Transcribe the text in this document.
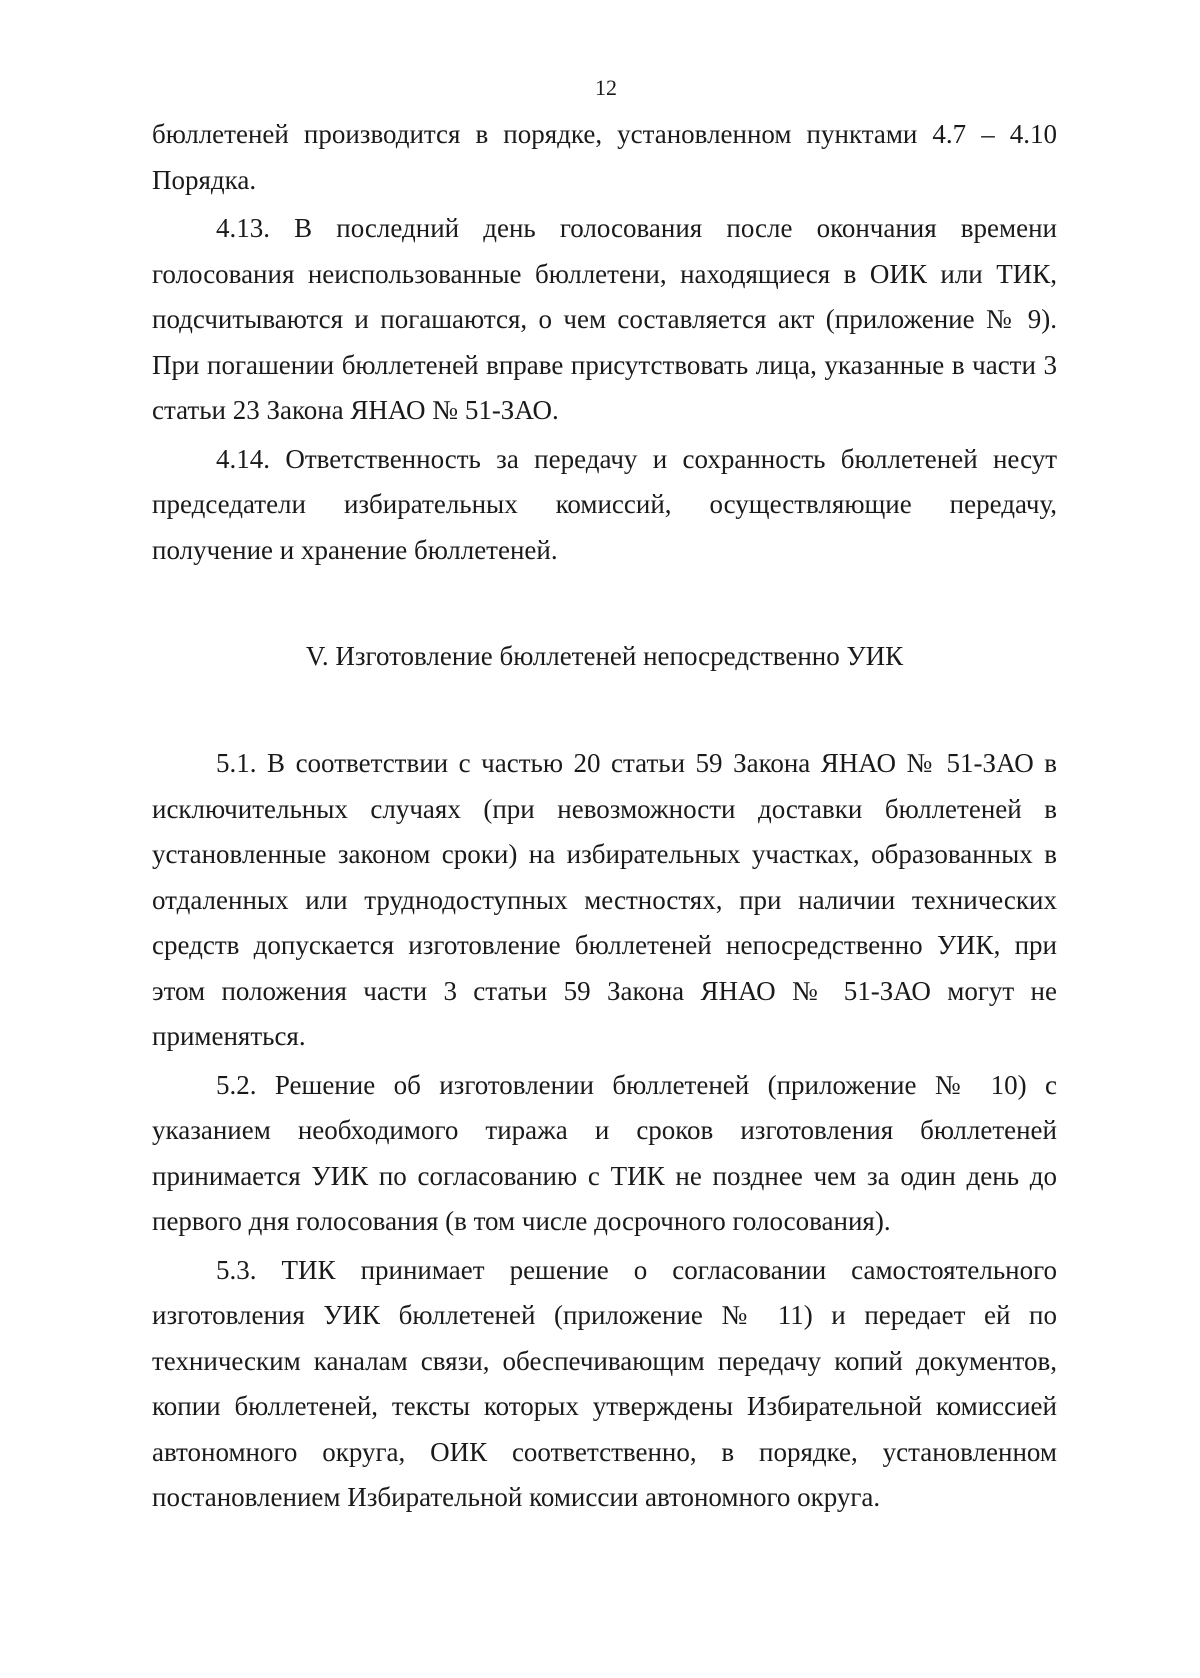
12

бюллетеней производится в порядке, установленном пунктами 4.7 – 4.10 Порядка.

4.13. В последний день голосования после окончания времени голосования неиспользованные бюллетени, находящиеся в ОИК или ТИК, подсчитываются и погашаются, о чем составляется акт (приложение № 9). При погашении бюллетеней вправе присутствовать лица, указанные в части 3 статьи 23 Закона ЯНАО № 51-ЗАО.

4.14. Ответственность за передачу и сохранность бюллетеней несут председатели избирательных комиссий, осуществляющие передачу, получение и хранение бюллетеней.

V. Изготовление бюллетеней непосредственно УИК

5.1. В соответствии с частью 20 статьи 59 Закона ЯНАО № 51-ЗАО в исключительных случаях (при невозможности доставки бюллетеней в установленные законом сроки) на избирательных участках, образованных в отдаленных или труднодоступных местностях, при наличии технических средств допускается изготовление бюллетеней непосредственно УИК, при этом положения части 3 статьи 59 Закона ЯНАО № 51-ЗАО могут не применяться.

5.2. Решение об изготовлении бюллетеней (приложение № 10) с указанием необходимого тиража и сроков изготовления бюллетеней принимается УИК по согласованию с ТИК не позднее чем за один день до первого дня голосования (в том числе досрочного голосования).

5.3. ТИК принимает решение о согласовании самостоятельного изготовления УИК бюллетеней (приложение № 11) и передает ей по техническим каналам связи, обеспечивающим передачу копий документов, копии бюллетеней, тексты которых утверждены Избирательной комиссией автономного округа, ОИК соответственно, в порядке, установленном постановлением Избирательной комиссии автономного округа.
